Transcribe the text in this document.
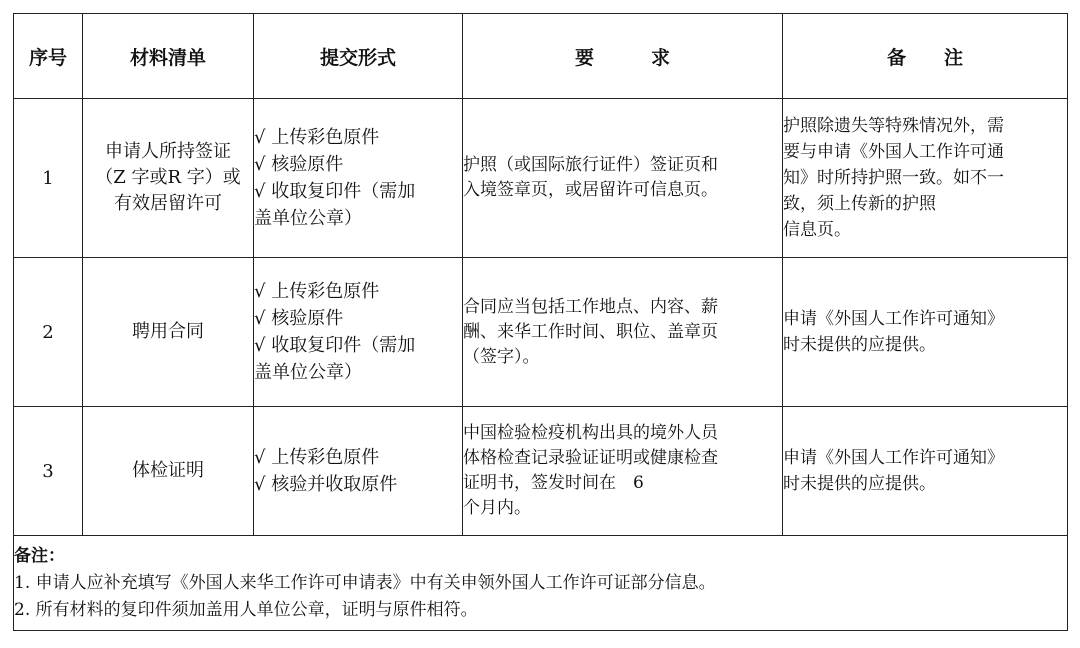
序号	材料清单	提交形式	要　　　求	备　　注
1	申请人所持签证
（Z 字或R 字）或
有效居留许可	√ 上传彩色原件
√ 核验原件
√ 收取复印件（需加
盖单位公章）	护照（或国际旅行证件）签证页和
入境签章页，或居留许可信息页。	护照除遗失等特殊情况外，需
要与申请《外国人工作许可通
知》时所持护照一致。如不一
致，须上传新的护照
信息页。

2	聘用合同	√ 上传彩色原件
√ 核验原件
√ 收取复印件（需加
盖单位公章）	合同应当包括工作地点、内容、薪
酬、来华工作时间、职位、盖章页
（签字）。	申请《外国人工作许可通知》
时未提供的应提供。

3	体检证明	√ 上传彩色原件
√ 核验并收取原件	中国检验检疫机构出具的境外人员
体格检查记录验证证明或健康检查
证明书，签发时间在　6
个月内。	申请《外国人工作许可通知》
时未提供的应提供。

备注：
1. 申请人应补充填写《外国人来华工作许可申请表》中有关申领外国人工作许可证部分信息。
2. 所有材料的复印件须加盖用人单位公章，证明与原件相符。				
